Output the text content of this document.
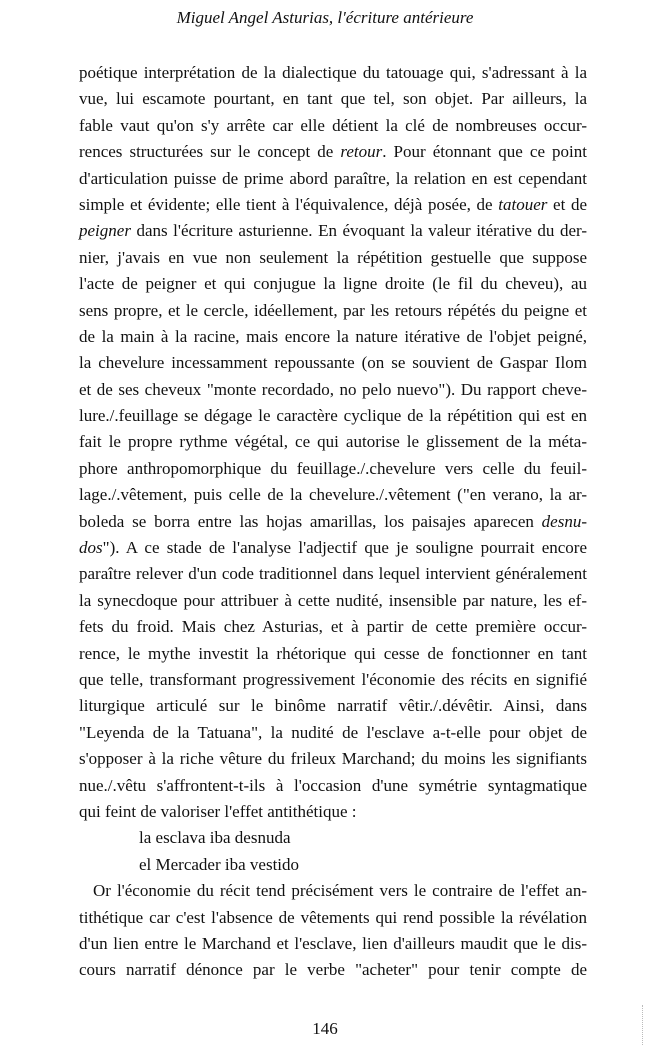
Miguel Angel Asturias, l'écriture antérieure
poétique interprétation de la dialectique du tatouage qui, s'adressant à la
vue, lui escamote pourtant, en tant que tel, son objet. Par ailleurs, la
fable vaut qu'on s'y arrête car elle détient la clé de nombreuses occur-
rences structurées sur le concept de retour. Pour étonnant que ce point
d'articulation puisse de prime abord paraître, la relation en est cependant
simple et évidente; elle tient à l'équivalence, déjà posée, de tatouer et de
peigner dans l'écriture asturienne. En évoquant la valeur itérative du der-
nier, j'avais en vue non seulement la répétition gestuelle que suppose
l'acte de peigner et qui conjugue la ligne droite (le fil du cheveu), au
sens propre, et le cercle, idéellement, par les retours répétés du peigne et
de la main à la racine, mais encore la nature itérative de l'objet peigné,
la chevelure incessamment repoussante (on se souvient de Gaspar Ilom
et de ses cheveux "monte recordado, no pelo nuevo"). Du rapport cheve-
lure./.feuillage se dégage le caractère cyclique de la répétition qui est en
fait le propre rythme végétal, ce qui autorise le glissement de la méta-
phore anthropomorphique du feuillage./.chevelure vers celle du feuil-
lage./.vêtement, puis celle de la chevelure./.vêtement ("en verano, la ar-
boleda se borra entre las hojas amarillas, los paisajes aparecen desnu-
dos"). A ce stade de l'analyse l'adjectif que je souligne pourrait encore
paraître relever d'un code traditionnel dans lequel intervient généralement
la synecdoque pour attribuer à cette nudité, insensible par nature, les ef-
fets du froid. Mais chez Asturias, et à partir de cette première occur-
rence, le mythe investit la rhétorique qui cesse de fonctionner en tant
que telle, transformant progressivement l'économie des récits en signifié
liturgique articulé sur le binôme narratif vêtir./.dévêtir. Ainsi, dans
"Leyenda de la Tatuana", la nudité de l'esclave a-t-elle pour objet de
s'opposer à la riche vêture du frileux Marchand; du moins les signifiants
nue./.vêtu s'affrontent-t-ils à l'occasion d'une symétrie syntagmatique
qui feint de valoriser l'effet antithétique :
la esclava iba desnuda
el Mercader iba vestido
Or l'économie du récit tend précisément vers le contraire de l'effet an-
tithétique car c'est l'absence de vêtements qui rend possible la révélation
d'un lien entre le Marchand et l'esclave, lien d'ailleurs maudit que le dis-
cours narratif dénonce par le verbe "acheter" pour tenir compte de
146
